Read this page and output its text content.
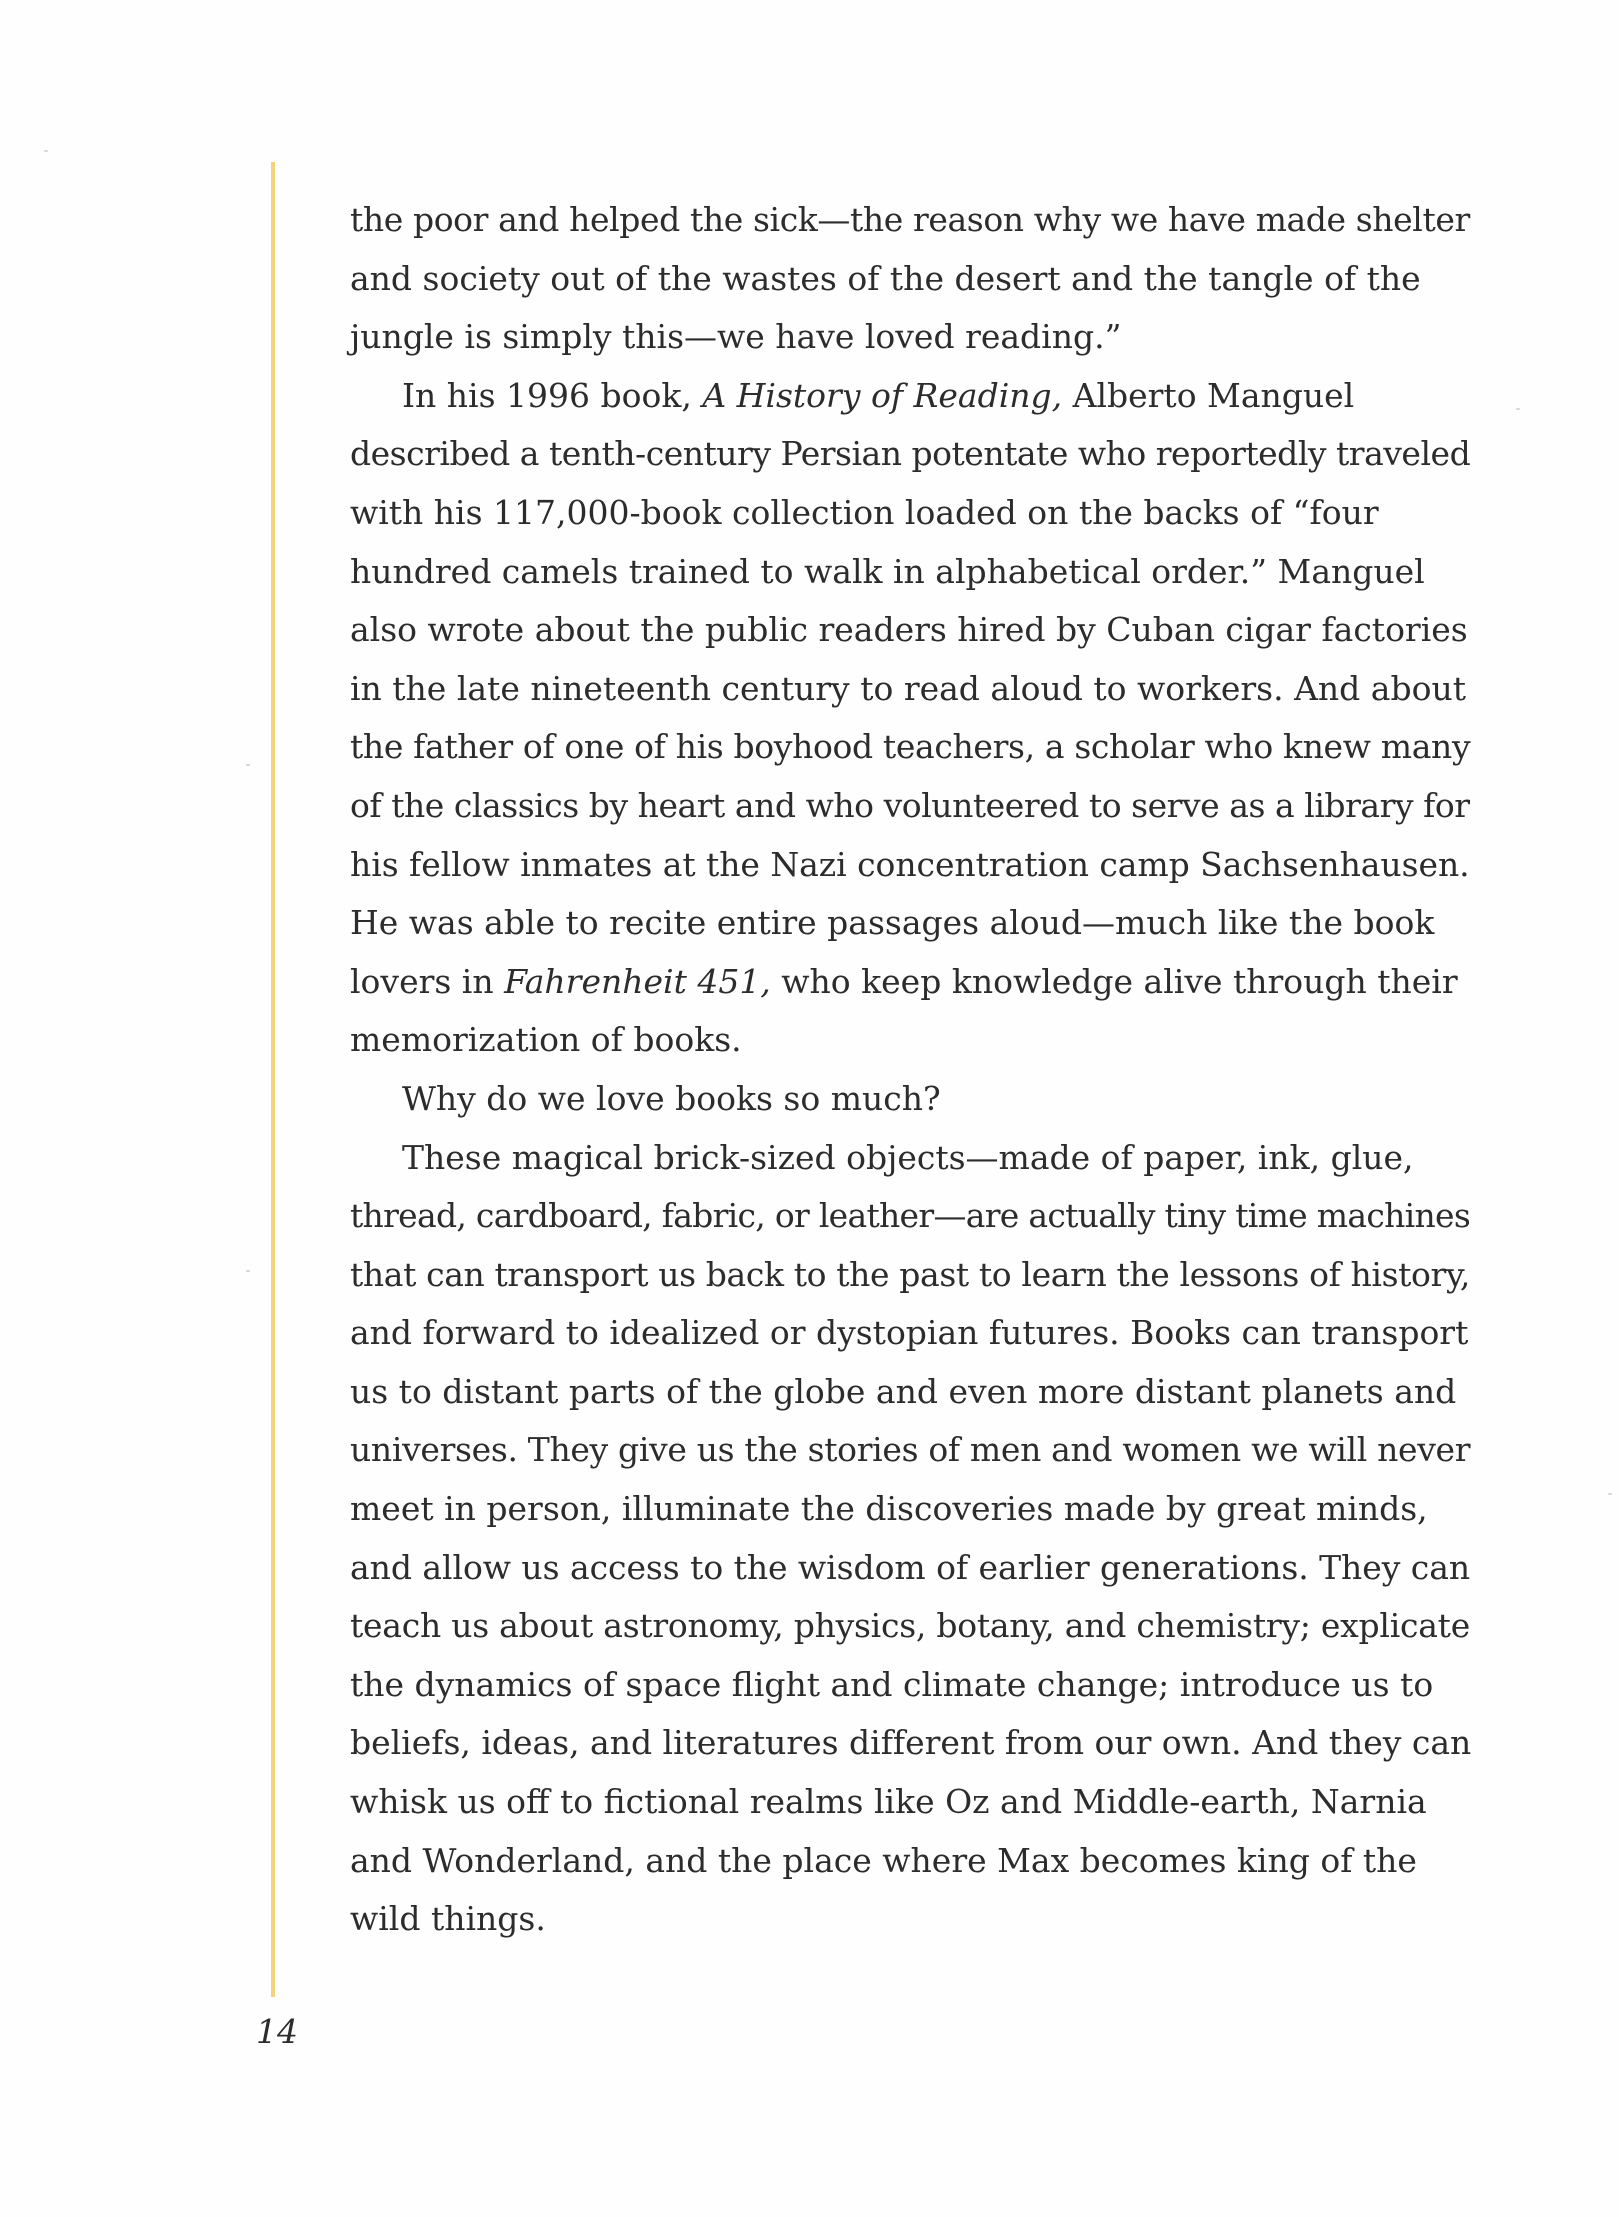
the poor and helped the sick—the reason why we have made shelter
and society out of the wastes of the desert and the tangle of the
jungle is simply this—we have loved reading.”
In his 1996 book, A History of Reading, Alberto Manguel
described a tenth-century Persian potentate who reportedly traveled
with his 117,000-book collection loaded on the backs of “four
hundred camels trained to walk in alphabetical order.” Manguel
also wrote about the public readers hired by Cuban cigar factories
in the late nineteenth century to read aloud to workers. And about
the father of one of his boyhood teachers, a scholar who knew many
of the classics by heart and who volunteered to serve as a library for
his fellow inmates at the Nazi concentration camp Sachsenhausen.
He was able to recite entire passages aloud—much like the book
lovers in Fahrenheit 451, who keep knowledge alive through their
memorization of books.
Why do we love books so much?
These magical brick-sized objects—made of paper, ink, glue,
thread, cardboard, fabric, or leather—are actually tiny time machines
that can transport us back to the past to learn the lessons of history,
and forward to idealized or dystopian futures. Books can transport
us to distant parts of the globe and even more distant planets and
universes. They give us the stories of men and women we will never
meet in person, illuminate the discoveries made by great minds,
and allow us access to the wisdom of earlier generations. They can
teach us about astronomy, physics, botany, and chemistry; explicate
the dynamics of space flight and climate change; introduce us to
beliefs, ideas, and literatures different from our own. And they can
whisk us off to fictional realms like Oz and Middle-earth, Narnia
and Wonderland, and the place where Max becomes king of the
wild things.
14
